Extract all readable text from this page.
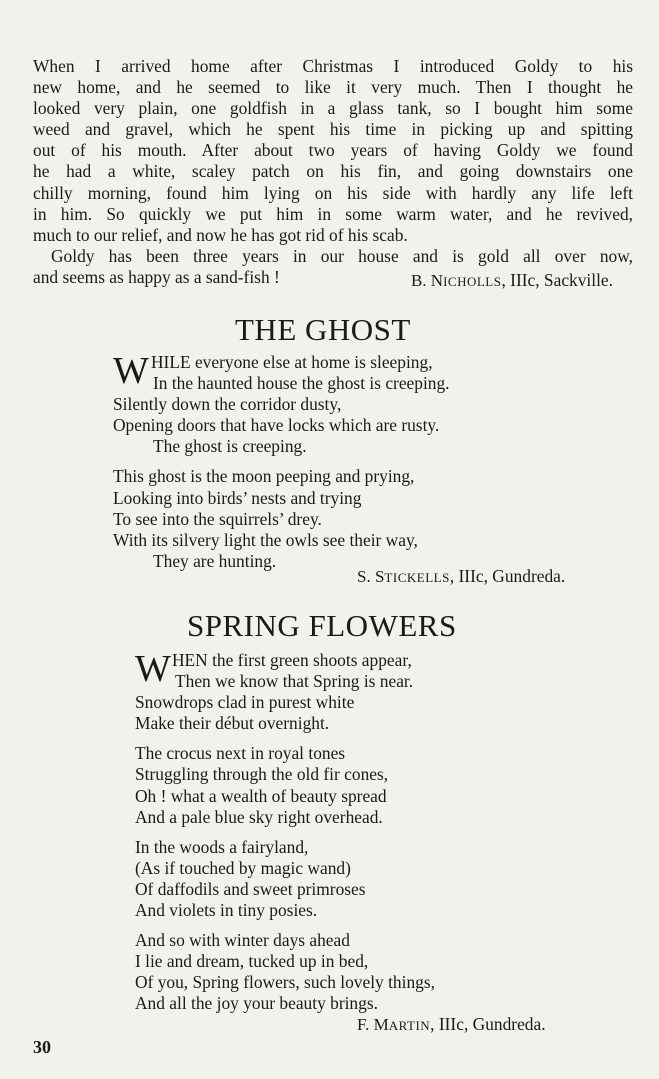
When I arrived home after Christmas I introduced Goldy to his
new home, and he seemed to like it very much. Then I thought he
looked very plain, one goldfish in a glass tank, so I bought him some
weed and gravel, which he spent his time in picking up and spitting
out of his mouth. After about two years of having Goldy we found
he had a white, scaley patch on his fin, and going downstairs one
chilly morning, found him lying on his side with hardly any life left
in him. So quickly we put him in some warm water, and he revived,
much to our relief, and now he has got rid of his scab.
Goldy has been three years in our house and is gold all over now,
and seems as happy as a sand-fish !	B. NICHOLLS, IIIc, Sackville.
THE GHOST
W HILE everyone else at home is sleeping,
In the haunted house the ghost is creeping.
Silently down the corridor dusty,
Opening doors that have locks which are rusty.
The ghost is creeping.
This ghost is the moon peeping and prying,
Looking into birds’ nests and trying
To see into the squirrels’ drey.
With its silvery light the owls see their way,
They are hunting.
S. STICKELLS, IIIc, Gundreda.
SPRING FLOWERS
W HEN the first green shoots appear,
Then we know that Spring is near.
Snowdrops clad in purest white
Make their début overnight.
The crocus next in royal tones
Struggling through the old fir cones,
Oh ! what a wealth of beauty spread
And a pale blue sky right overhead.
In the woods a fairyland,
(As if touched by magic wand)
Of daffodils and sweet primroses
And violets in tiny posies.
And so with winter days ahead
I lie and dream, tucked up in bed,
Of you, Spring flowers, such lovely things,
And all the joy your beauty brings.
F. MARTIN, IIIc, Gundreda.
30
